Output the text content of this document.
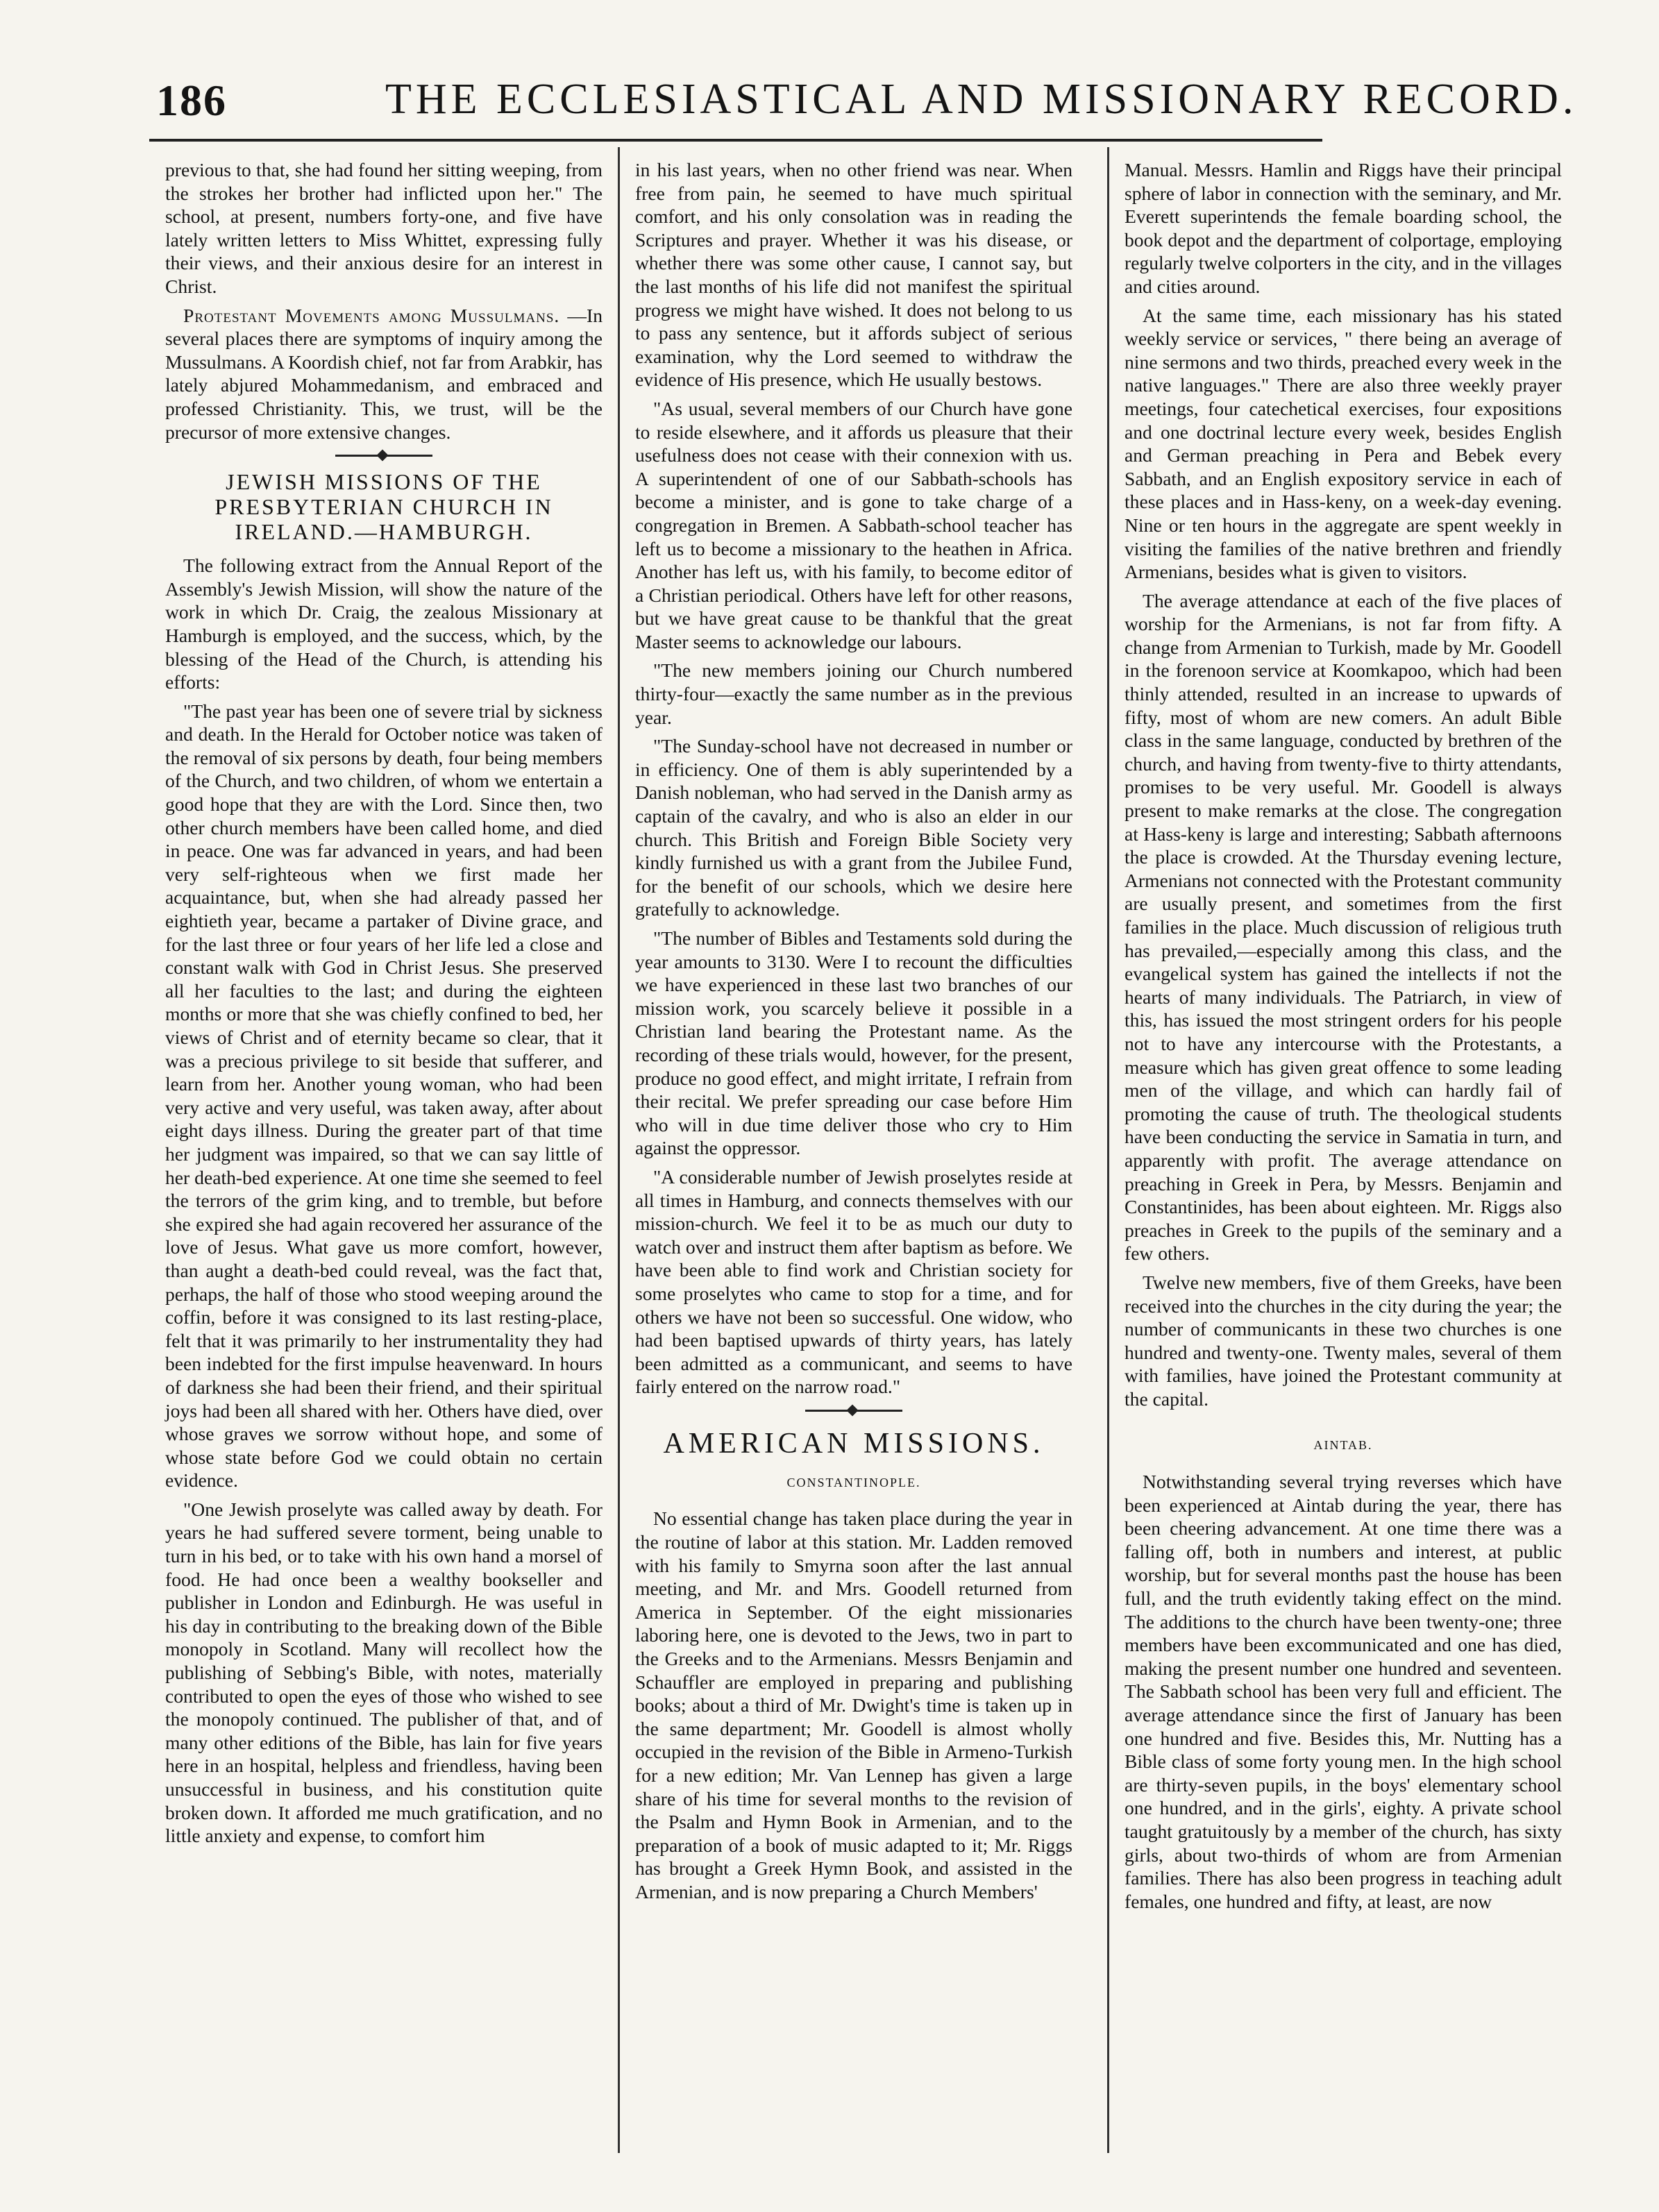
186	THE ECCLESIASTICAL AND MISSIONARY RECORD.

previous to that, she had found her sitting weeping, from the strokes her brother had inflicted upon her." The school, at present, numbers forty-one, and five have lately written letters to Miss Whittet, expressing fully their views, and their anxious desire for an interest in Christ.

Protestant Movements among Mussulmans. —In several places there are symptoms of inquiry among the Mussulmans. A Koordish chief, not far from Arabkir, has lately abjured Mohammedanism, and embraced and professed Christianity. This, we trust, will be the precursor of more extensive changes.

JEWISH MISSIONS OF THE PRESBYTERIAN CHURCH IN IRELAND.—HAMBURGH.

The following extract from the Annual Report of the Assembly's Jewish Mission, will show the nature of the work in which Dr. Craig, the zealous Missionary at Hamburgh is employed, and the success, which, by the blessing of the Head of the Church, is attending his efforts:

"The past year has been one of severe trial by sickness and death. In the Herald for October notice was taken of the removal of six persons by death, four being members of the Church, and two children, of whom we entertain a good hope that they are with the Lord. Since then, two other church members have been called home, and died in peace. One was far advanced in years, and had been very self-righteous when we first made her acquaintance, but, when she had already passed her eightieth year, became a partaker of Divine grace, and for the last three or four years of her life led a close and constant walk with God in Christ Jesus. She preserved all her faculties to the last; and during the eighteen months or more that she was chiefly confined to bed, her views of Christ and of eternity became so clear, that it was a precious privilege to sit beside that sufferer, and learn from her. Another young woman, who had been very active and very useful, was taken away, after about eight days illness. During the greater part of that time her judgment was impaired, so that we can say little of her death-bed experience. At one time she seemed to feel the terrors of the grim king, and to tremble, but before she expired she had again recovered her assurance of the love of Jesus. What gave us more comfort, however, than aught a death-bed could reveal, was the fact that, perhaps, the half of those who stood weeping around the coffin, before it was consigned to its last resting-place, felt that it was primarily to her instrumentality they had been indebted for the first impulse heavenward. In hours of darkness she had been their friend, and their spiritual joys had been all shared with her. Others have died, over whose graves we sorrow without hope, and some of whose state before God we could obtain no certain evidence.

"One Jewish proselyte was called away by death. For years he had suffered severe torment, being unable to turn in his bed, or to take with his own hand a morsel of food. He had once been a wealthy bookseller and publisher in London and Edinburgh. He was useful in his day in contributing to the breaking down of the Bible monopoly in Scotland. Many will recollect how the publishing of Sebbing's Bible, with notes, materially contributed to open the eyes of those who wished to see the monopoly continued. The publisher of that, and of many other editions of the Bible, has lain for five years here in an hospital, helpless and friendless, having been unsuccessful in business, and his constitution quite broken down. It afforded me much gratification, and no little anxiety and expense, to comfort him

in his last years, when no other friend was near. When free from pain, he seemed to have much spiritual comfort, and his only consolation was in reading the Scriptures and prayer. Whether it was his disease, or whether there was some other cause, I cannot say, but the last months of his life did not manifest the spiritual progress we might have wished. It does not belong to us to pass any sentence, but it affords subject of serious examination, why the Lord seemed to withdraw the evidence of His presence, which He usually bestows.

"As usual, several members of our Church have gone to reside elsewhere, and it affords us pleasure that their usefulness does not cease with their connexion with us. A superintendent of one of our Sabbath-schools has become a minister, and is gone to take charge of a congregation in Bremen. A Sabbath-school teacher has left us to become a missionary to the heathen in Africa. Another has left us, with his family, to become editor of a Christian periodical. Others have left for other reasons, but we have great cause to be thankful that the great Master seems to acknowledge our labours.

"The new members joining our Church numbered thirty-four—exactly the same number as in the previous year.

"The Sunday-school have not decreased in number or in efficiency. One of them is ably superintended by a Danish nobleman, who had served in the Danish army as captain of the cavalry, and who is also an elder in our church. This British and Foreign Bible Society very kindly furnished us with a grant from the Jubilee Fund, for the benefit of our schools, which we desire here gratefully to acknowledge.

"The number of Bibles and Testaments sold during the year amounts to 3130. Were I to recount the difficulties we have experienced in these last two branches of our mission work, you scarcely believe it possible in a Christian land bearing the Protestant name. As the recording of these trials would, however, for the present, produce no good effect, and might irritate, I refrain from their recital. We prefer spreading our case before Him who will in due time deliver those who cry to Him against the oppressor.

"A considerable number of Jewish proselytes reside at all times in Hamburg, and connects themselves with our mission-church. We feel it to be as much our duty to watch over and instruct them after baptism as before. We have been able to find work and Christian society for some proselytes who came to stop for a time, and for others we have not been so successful. One widow, who had been baptised upwards of thirty years, has lately been admitted as a communicant, and seems to have fairly entered on the narrow road."

AMERICAN MISSIONS.
CONSTANTINOPLE.

No essential change has taken place during the year in the routine of labor at this station. Mr. Ladden removed with his family to Smyrna soon after the last annual meeting, and Mr. and Mrs. Goodell returned from America in September. Of the eight missionaries laboring here, one is devoted to the Jews, two in part to the Greeks and to the Armenians. Messrs Benjamin and Schauffler are employed in preparing and publishing books; about a third of Mr. Dwight's time is taken up in the same department; Mr. Goodell is almost wholly occupied in the revision of the Bible in Armeno-Turkish for a new edition; Mr. Van Lennep has given a large share of his time for several months to the revision of the Psalm and Hymn Book in Armenian, and to the preparation of a book of music adapted to it; Mr. Riggs has brought a Greek Hymn Book, and assisted in the Armenian, and is now preparing a Church Members'

Manual. Messrs. Hamlin and Riggs have their principal sphere of labor in connection with the seminary, and Mr. Everett superintends the female boarding school, the book depot and the department of colportage, employing regularly twelve colporters in the city, and in the villages and cities around.

At the same time, each missionary has his stated weekly service or services, " there being an average of nine sermons and two thirds, preached every week in the native languages." There are also three weekly prayer meetings, four catechetical exercises, four expositions and one doctrinal lecture every week, besides English and German preaching in Pera and Bebek every Sabbath, and an English expository service in each of these places and in Hass-keny, on a week-day evening. Nine or ten hours in the aggregate are spent weekly in visiting the families of the native brethren and friendly Armenians, besides what is given to visitors.

The average attendance at each of the five places of worship for the Armenians, is not far from fifty. A change from Armenian to Turkish, made by Mr. Goodell in the forenoon service at Koomkapoo, which had been thinly attended, resulted in an increase to upwards of fifty, most of whom are new comers. An adult Bible class in the same language, conducted by brethren of the church, and having from twenty-five to thirty attendants, promises to be very useful. Mr. Goodell is always present to make remarks at the close. The congregation at Hass-keny is large and interesting; Sabbath afternoons the place is crowded. At the Thursday evening lecture, Armenians not connected with the Protestant community are usually present, and sometimes from the first families in the place. Much discussion of religious truth has prevailed,—especially among this class, and the evangelical system has gained the intellects if not the hearts of many individuals. The Patriarch, in view of this, has issued the most stringent orders for his people not to have any intercourse with the Protestants, a measure which has given great offence to some leading men of the village, and which can hardly fail of promoting the cause of truth. The theological students have been conducting the service in Samatia in turn, and apparently with profit. The average attendance on preaching in Greek in Pera, by Messrs. Benjamin and Constantinides, has been about eighteen. Mr. Riggs also preaches in Greek to the pupils of the seminary and a few others.

Twelve new members, five of them Greeks, have been received into the churches in the city during the year; the number of communicants in these two churches is one hundred and twenty-one. Twenty males, several of them with families, have joined the Protestant community at the capital.

AINTAB.

Notwithstanding several trying reverses which have been experienced at Aintab during the year, there has been cheering advancement. At one time there was a falling off, both in numbers and interest, at public worship, but for several months past the house has been full, and the truth evidently taking effect on the mind. The additions to the church have been twenty-one; three members have been excommunicated and one has died, making the present number one hundred and seventeen. The Sabbath school has been very full and efficient. The average attendance since the first of January has been one hundred and five. Besides this, Mr. Nutting has a Bible class of some forty young men. In the high school are thirty-seven pupils, in the boys' elementary school one hundred, and in the girls', eighty. A private school taught gratuitously by a member of the church, has sixty girls, about two-thirds of whom are from Armenian families. There has also been progress in teaching adult females, one hundred and fifty, at least, are now
